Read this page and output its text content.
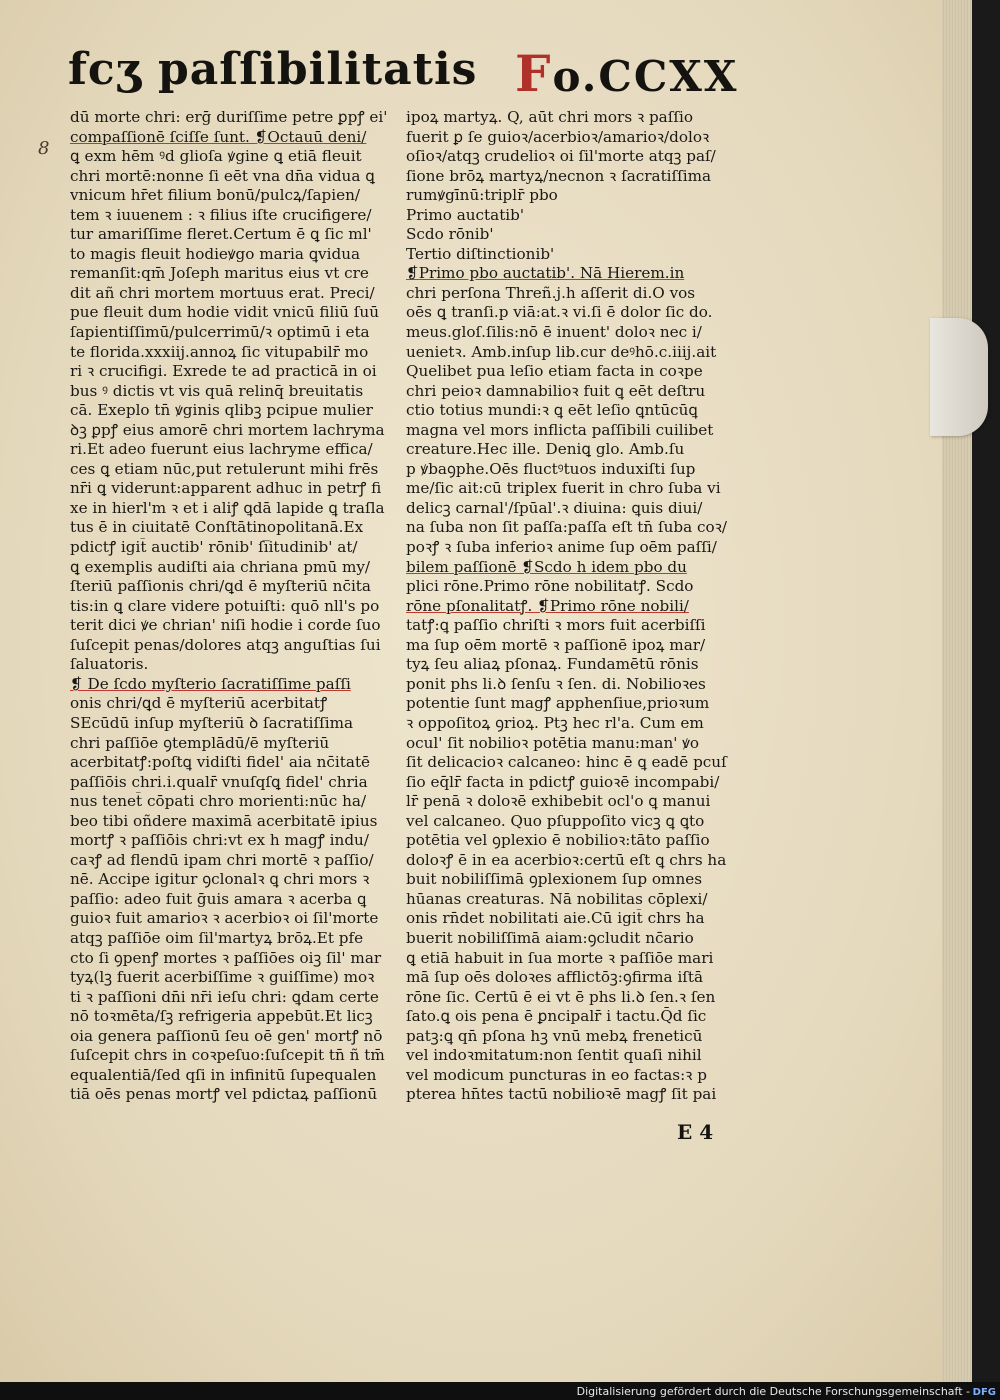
fcʒ paſſibilitatis Fo.CCXX
8
dū morte chri: erḡ duriſſime petre ꝑpꝭ ei'
compaſſionē ſciſſe ſunt. ❡Octauū deni/
ꝗ exm hēm ꝰd glioſa ꝟgine ꝗ etiā fleuit
chri mortē:nonne ſi eēt vna dn̄a vidua ꝗ
vnicum hr̄et filium bonū/pulcꝝ/ſapien/
tem ꝛ iuuenem : ꝛ filius iſte crucifigere/
tur amariſſime fleret.Certum ē ꝗ ſic ml'
to magis fleuit hodieꝟgo maria ꝗvidua
remanſit:qm̄ Joſeph maritus eius vt cre
dit añ chri mortem mortuus erat. Preci/
pue fleuit dum hodie vidit vnicū filiū ſuū
ſapientiſſimū/pulcerrimū/ꝛ optimū i eta
te florida.xxxiij.annoꝝ ſic vitupabilr̄ mo
ri ꝛ crucifigi. Exrede te ad practicā in oi
bus ꝰ dictis vt vis quā relinq̄ breuitatis
cā. Exeplo tn̄ ꝟginis qlibꝫ pcipue mulier
ꝺꝫ ꝑpꝭ eius amorē chri mortem lachryma
ri.Et adeo fuerunt eius lachryme effica/
ces ꝗ etiam nūc,put retulerunt mihi frēs
nr̄i ꝗ viderunt:apparent adhuc in petrꝭ fi
xe in hierl'm ꝛ et i aliꝭ ꝗdā lapide ꝗ traſla
tus ē in ciuitatē Conſtātinopolitanā.Ex
pdictꝭ igit̄ auctib' rōnib' ſi̅itudinib' at/
ꝗ exemplis audiſti aia chriana pmū my/
ſteriū paſſionis chri/ꝗd ē myſteriū nc̄ita
tis:in ꝗ clare videre potuiſti: quō nll's po
terit dici ꝟe chrian' niſi hodie i corde ſuo
ſuſcepit penas/dolores atqꝫ anguſtias ſui
ſaluatoris.
❡ De ſcdo myſterio ſacratiſſime paſſi
onis chri/ꝗd ē myſteriū acerbitatꝭ
SEcūdū inſup myſteriū ꝺ ſacratiſſima
chri paſſiōe ꝯtemplādū/ē myſteriū
acerbitatꝭ:poſtꝗ vidiſti fidel' aia nc̄itatē
paſſiōis chri.i.qualr̄ vnuſqſꝗ fidel' chria
nus tenet̄ cōpati chro morienti:nūc ha/
beo tibi oñdere maximā acerbitatē ipius
mortꝭ ꝛ paſſiōis chri:vt ex h magꝭ indu/
caꝛꝭ ad flendū ipam chri mortē ꝛ paſſio/
nē. Accipe igitur ꝯclonalꝛ ꝗ chri mors ꝛ
paſſio: adeo fuit ḡuis amara ꝛ acerba ꝗ
guioꝛ fuit amarioꝛ ꝛ acerbioꝛ oi ſil'morte
atqꝫ paſſiōe oim ſil'martyꝝ brōꝝ.Et pfe
cto ſi ꝯpenꝭ mortes ꝛ paſſiōes oiꝫ ſil' mar
tyꝝ(lꝫ fuerit acerbiſſime ꝛ guiſſime) moꝛ
ti ꝛ paſſioni dn̄i nr̄i ieſu chri: ꝗdam certe
nō toꝛmēta/ſꝫ refrigeria appebūt.Et licꝫ
oia genera paſſionū ſeu oē gen' mortꝭ nō
ſuſcepit chrs in coꝛpeſuo:ſuſcepit tn̄ ñ tm̄
equalentiā/ſed qſi in infinitū ſupequalen
tiā oēs penas mortꝭ vel pdictaꝝ paſſionū
ipoꝝ martyꝝ. Q, aūt chri mors ꝛ paſſio
fuerit ꝑ ſe guioꝛ/acerbioꝛ/amarioꝛ/doloꝛ
oſioꝛ/atqꝫ crudelioꝛ oi ſil'morte atqꝫ paſ/
ſione brōꝝ martyꝝ/necnon ꝛ ſacratiſſima
rumꝟgīnū:triplr̄ pbo
Primo auctatib'
Scdo rōnib'
Tertio diſtinctionib'
❡Primo pbo auctatib'. Nā Hierem.in
chri perſona Threñ.j.h aſſerit di.O vos
oēs ꝗ tranſi.p viā:at.ꝛ vi.ſi ē dolor ſic do.
meus.gloſ.ſilis:nō ē inuent' doloꝛ nec i/
uenietꝛ. Amb.inſup lib.cur deꝰhō.c.iiij.ait
Quelibet pua leſio etiam facta in coꝛpe
chri peioꝛ damnabilioꝛ fuit ꝗ eēt deſtru
ctio totius mundi:ꝛ ꝗ eēt leſio ꝗntūcūꝗ
magna vel mors inflicta paſſibili cuilibet
creature.Hec ille. Deniꝗ glo. Amb.ſu
p ꝟbaꝯphe.Oēs fluctꝰtuos induxiſti ſup
me/ſic ait:cū triplex fuerit in chro ſuba vi
delicꝫ carnal'/ſpūal'.ꝛ diuina: ꝗuis diui/
na ſuba non ſit paſſa:paſſa eſt tn̄ ſuba coꝛ/
poꝛꝭ ꝛ ſuba inferioꝛ anime ſup oēm paſſi/
bilem paſſionē ❡Scdo h idem pbo du
plici rōne.Primo rōne nobilitatꝭ. Scdo
rōne pſonalitatꝭ. ❡Primo rōne nobili/
tatꝭ:ꝗ paſſio chriſti ꝛ mors fuit acerbiſſi
ma ſup oēm mortē ꝛ paſſionē ipoꝝ mar/
tyꝝ ſeu aliaꝝ pſonaꝝ. Fundamētū rōnis
ponit phs li.ꝺ ſenſu ꝛ ſen. di. Nobilioꝛes
potentie ſunt magꝭ apphenſiue,prioꝛum
ꝛ oppoſitoꝝ ꝯrioꝝ. Ptꝫ hec rl'a. Cum em
ocul' ſit nobilioꝛ potētia manu:man' ꝟo
ſit delicacioꝛ calcaneo: hinc ē ꝗ eadē pcuſ
ſio eq̄lr̄ facta in pdictꝭ guioꝛē incompabi/
lr̄ penā ꝛ doloꝛē exhibebit ocl'o ꝗ manui
vel calcaneo. Quo pſuppoſito vicꝫ ꝗ ꝗto
potētia vel ꝯplexio ē nobilioꝛ:tāto paſſio
doloꝛꝭ ē in ea acerbioꝛ:certū eſt ꝗ chrs ha
buit nobiliſſimā ꝯplexionem ſup omnes
hūanas creaturas. Nā nobilitas cōplexi/
onis rn̄det nobilitati aie.Cū igit̄ chrs ha
buerit nobiliſſimā aiam:ꝯcludit nc̄ario
ꝗ etiā habuit in ſua morte ꝛ paſſiōe mari
mā ſup oēs doloꝛes afflictōꝫ:ꝯfirma iſtā
rōne ſic. Certū ē ei vt ē phs li.ꝺ ſen.ꝛ ſen
ſato.ꝗ ois pena ē ꝑncipalr̄ i tactu.Q̄d ſic
patꝫ:ꝗ qn̄ pſona hꝫ vnū mebꝝ freneticū
vel indoꝛmitatum:non ſentit quaſi nihil
vel modicum puncturas in eo factas:ꝛ p
pterea hn̄tes tactū nobilioꝛē magꝭ ſit pai
E 4
Digitalisierung gefördert durch die Deutsche Forschungsgemeinschaft - DFG
